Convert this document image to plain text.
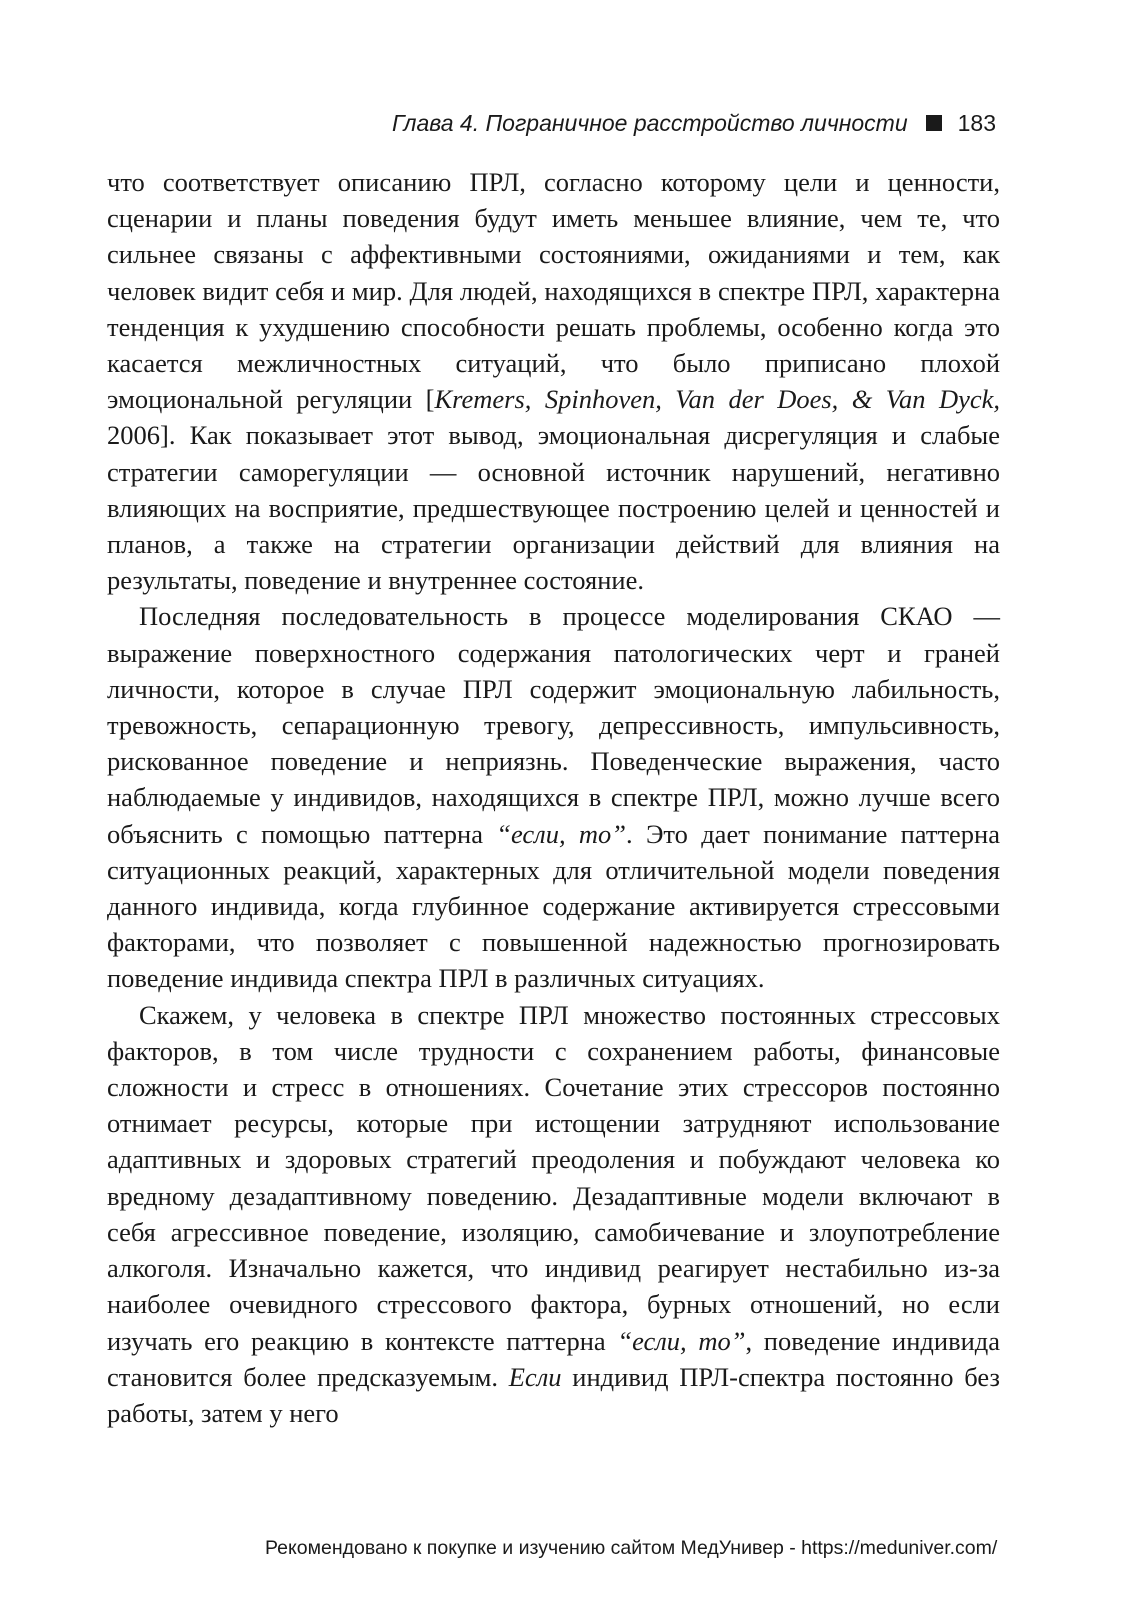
Глава 4. Пограничное расстройство личности 183

что соответствует описанию ПРЛ, согласно которому цели и ценности, сценарии и планы поведения будут иметь меньшее влияние, чем те, что сильнее связаны с аффективными состояниями, ожиданиями и тем, как человек видит себя и мир. Для людей, находящихся в спектре ПРЛ, характерна тенденция к ухудшению способности решать проблемы, особенно когда это касается межличностных ситуаций, что было приписано плохой эмоциональной регуляции [Kremers, Spinhoven, Van der Does, & Van Dyck, 2006]. Как показывает этот вывод, эмоциональная дисрегуляция и слабые стратегии саморегуляции — основной источник нарушений, негативно влияющих на восприятие, предшествующее построению целей и ценностей и планов, а также на стратегии организации действий для влияния на результаты, поведение и внутреннее состояние.

Последняя последовательность в процессе моделирования СКАО — выражение поверхностного содержания патологических черт и граней личности, которое в случае ПРЛ содержит эмоциональную лабильность, тревожность, сепарационную тревогу, депрессивность, импульсивность, рискованное поведение и неприязнь. Поведенческие выражения, часто наблюдаемые у индивидов, находящихся в спектре ПРЛ, можно лучше всего объяснить с помощью паттерна “если, то”. Это дает понимание паттерна ситуационных реакций, характерных для отличительной модели поведения данного индивида, когда глубинное содержание активируется стрессовыми факторами, что позволяет с повышенной надежностью прогнозировать поведение индивида спектра ПРЛ в различных ситуациях.

Скажем, у человека в спектре ПРЛ множество постоянных стрессовых факторов, в том числе трудности с сохранением работы, финансовые сложности и стресс в отношениях. Сочетание этих стрессоров постоянно отнимает ресурсы, которые при истощении затрудняют использование адаптивных и здоровых стратегий преодоления и побуждают человека ко вредному дезадаптивному поведению. Дезадаптивные модели включают в себя агрессивное поведение, изоляцию, самобичевание и злоупотребление алкоголя. Изначально кажется, что индивид реагирует нестабильно из-за наиболее очевидного стрессового фактора, бурных отношений, но если изучать его реакцию в контексте паттерна “если, то”, поведение индивида становится более предсказуемым. Если индивид ПРЛ-спектра постоянно без работы, затем у него

Рекомендовано к покупке и изучению сайтом МедУнивер - https://meduniver.com/
